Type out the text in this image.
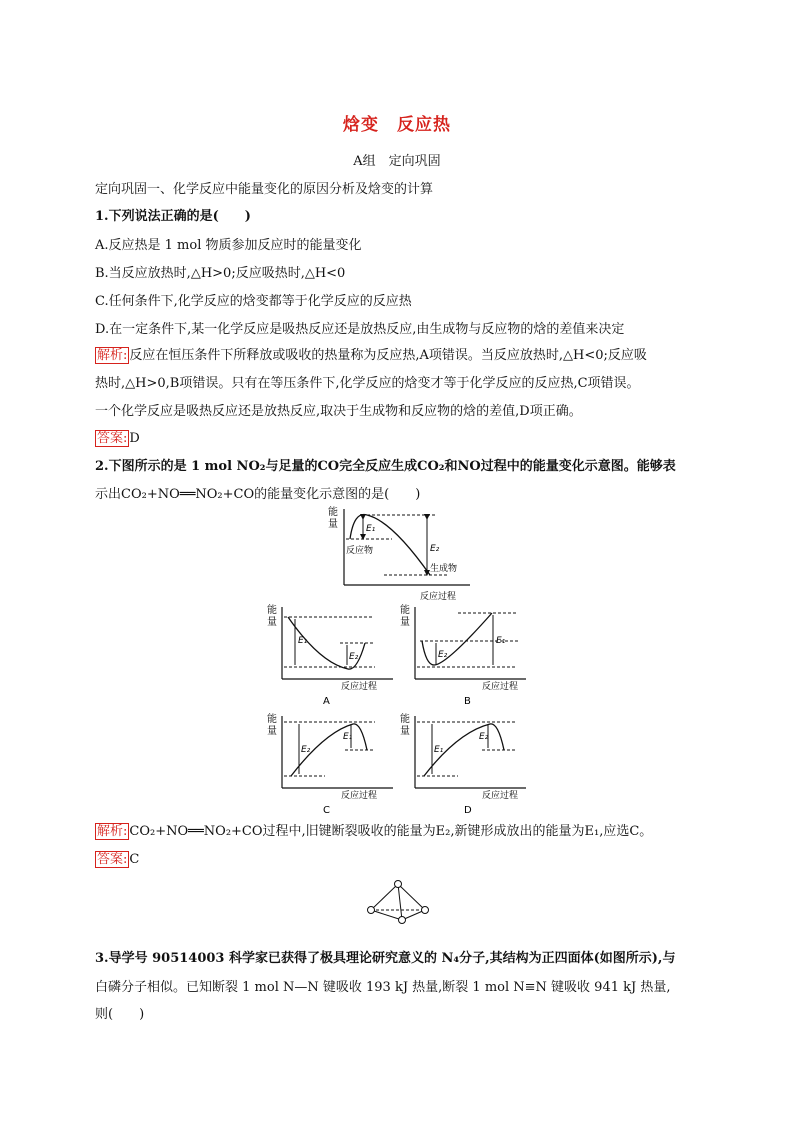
焓变　反应热
A组　定向巩固
定向巩固一、化学反应中能量变化的原因分析及焓变的计算
1.下列说法正确的是(　　)
A.反应热是 1 mol 物质参加反应时的能量变化
B.当反应放热时,△H>0;反应吸热时,△H<0
C.任何条件下,化学反应的焓变都等于化学反应的反应热
D.在一定条件下,某一化学反应是吸热反应还是放热反应,由生成物与反应物的焓的差值来决定
解析: 反应在恒压条件下所释放或吸收的热量称为反应热,A项错误。当反应放热时,△H<0;反应吸
热时,△H>0,B项错误。只有在等压条件下,化学反应的焓变才等于化学反应的反应热,C项错误。
一个化学反应是吸热反应还是放热反应,取决于生成物和反应物的焓的差值,D项正确。
答案: D
2.下图所示的是 1 mol NO₂与足量的CO完全反应生成CO₂和NO过程中的能量变化示意图。能够表
示出CO₂+NO══NO₂+CO的能量变化示意图的是(　　)
能
量	E₁
E₂
反应物
生成物
反应过程
能
量
E₁
E₂
反应过程
A
能
量
E₂
E₁
反应过程
B
能
量
E₂
E₁
反应过程
C
能
量
E₁
E₂
反应过程
D
解析: CO₂+NO══NO₂+CO过程中,旧键断裂吸收的能量为E₂,新键形成放出的能量为E₁,应选C。
答案: C
3.导学号 90514003 科学家已获得了极具理论研究意义的 N₄分子,其结构为正四面体(如图所示),与
白磷分子相似。已知断裂 1 mol N—N 键吸收 193 kJ 热量,断裂 1 mol N≡N 键吸收 941 kJ 热量,
则(　　)
